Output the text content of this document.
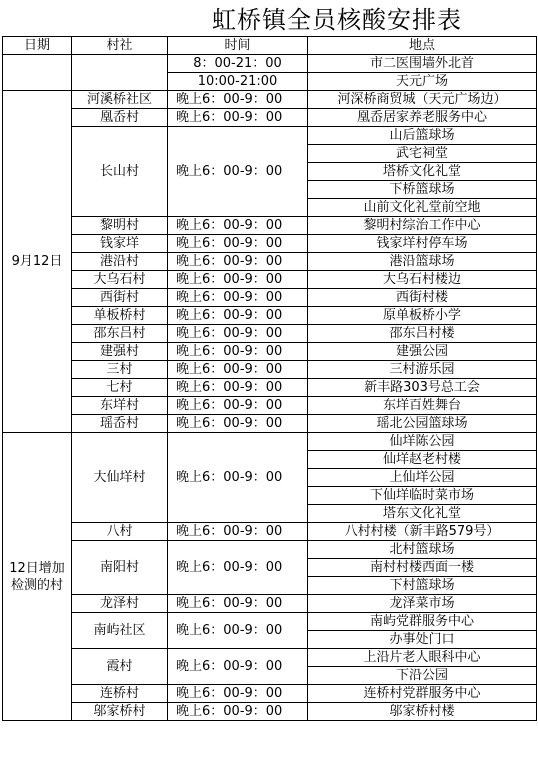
虹桥镇全员核酸安排表
日期	村社	时间	地点
		8：00-21：00	市二医围墙外北首
		10:00-21:00	天元广场
9月12日	河溪桥社区	晚上6：00-9：00	河深桥商贸城（天元广场边）
	凰岙村	晚上6：00-9：00	凰岙居家养老服务中心
	长山村	晚上6：00-9：00	山后篮球场
			武宅祠堂
			塔桥文化礼堂
			下桥篮球场
			山前文化礼堂前空地
	黎明村	晚上6：00-9：00	黎明村综治工作中心
	钱家垟	晚上6：00-9：00	钱家垟村停车场
	港沿村	晚上6：00-9：00	港沿篮球场
	大乌石村	晚上6：00-9：00	大乌石村楼边
	西街村	晚上6：00-9：00	西街村楼
	单板桥村	晚上6：00-9：00	原单板桥小学
	邵东吕村	晚上6：00-9：00	邵东吕村楼
	建强村	晚上6：00-9：00	建强公园
	三村	晚上6：00-9：00	三村游乐园
	七村	晚上6：00-9：00	新丰路303号总工会
	东垟村	晚上6：00-9：00	东垟百姓舞台
	瑶岙村	晚上6：00-9：00	瑶北公园篮球场

12日增加
检测的村	大仙垟村	晚上6：00-9：00	仙垟陈公园
			仙垟赵老村楼
			上仙垟公园
			下仙垟临时菜市场
			塔东文化礼堂
	八村	晚上6：00-9：00	八村村楼（新丰路579号）
	南阳村	晚上6：00-9：00	北村篮球场
			南村村楼西面一楼
			下村篮球场
	龙泽村	晚上6：00-9：00	龙泽菜市场
	南屿社区	晚上6：00-9：00	南屿党群服务中心
			办事处门口
	霞村	晚上6：00-9：00	上沿片老人眼科中心
			下沿公园
	连桥村	晚上6：00-9：00	连桥村党群服务中心
	邬家桥村	晚上6：00-9：00	邬家桥村楼
